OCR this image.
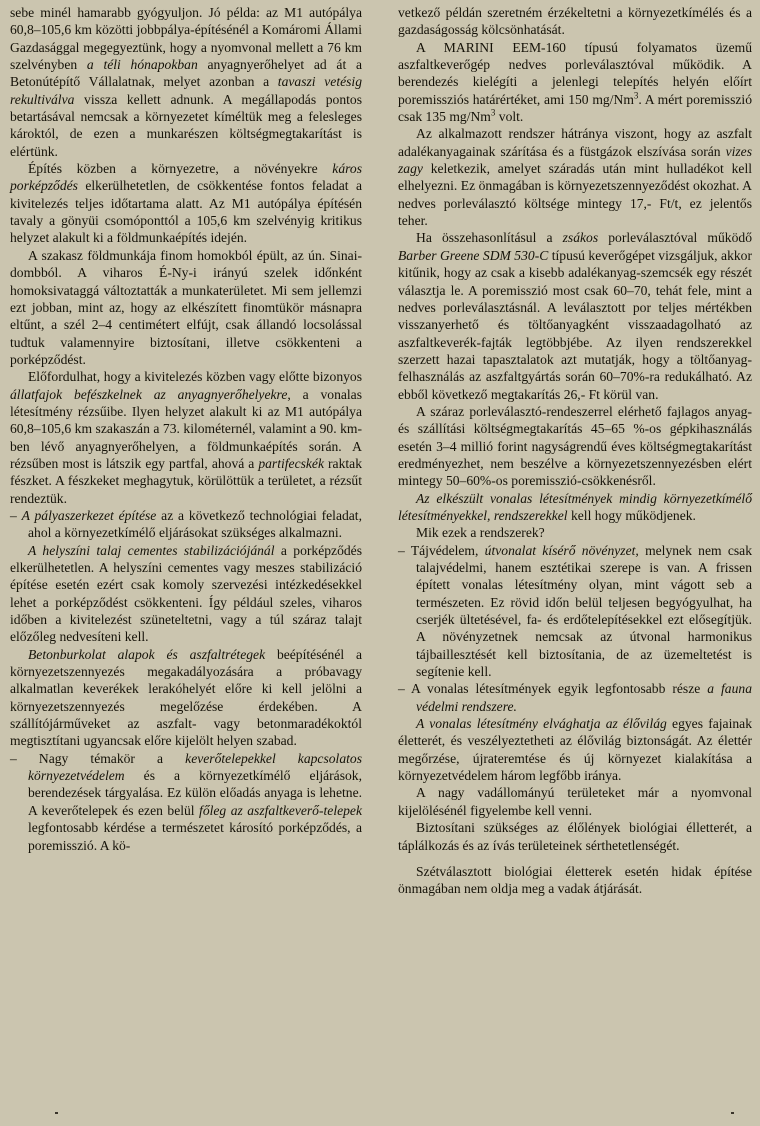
sebe minél hamarabb gyógyuljon. Jó példa: az M1 autópálya 60,8–105,6 km közötti jobbpálya-építésénél a Komáromi Állami Gazdasággal megegyeztünk, hogy a nyomvonal mellett a 76 km szelvényben a téli hónapokban anyagnyerőhelyet ad át a Betonútépítő Vállalatnak, melyet azonban a tavaszi vetésig rekultiválva vissza kellett adnunk. A megállapodás pontos betartásával nemcsak a környezetet kíméltük meg a felesleges károktól, de ezen a munkarészen költségmegtakarítást is elértünk.

Építés közben a környezetre, a növényekre káros porképződés elkerülhetetlen, de csökkentése fontos feladat a kivitelezés teljes időtartama alatt. Az M1 autópálya építésén tavaly a gönyüi csomóponttól a 105,6 km szelvényig kritikus helyzet alakult ki a földmunkaépítés idején.

A szakasz földmunkája finom homokból épült, az ún. Sinai-dombból. A viharos É-Ny-i irányú szelek időnként homoksivataggá változtatták a munkaterületet. Mi sem jellemzi ezt jobban, mint az, hogy az elkészített finomtükör másnapra eltűnt, a szél 2–4 centimétert elfújt, csak állandó locsolással tudtuk valamennyire biztosítani, illetve csökkenteni a porképződést.

Előfordulhat, hogy a kivitelezés közben vagy előtte bizonyos állatfajok befészkelnek az anyagnyerőhelyekre, a vonalas létesítmény rézsűibe. Ilyen helyzet alakult ki az M1 autópálya 60,8–105,6 km szakaszán a 73. kilométernél, valamint a 90. km-ben lévő anyagnyerőhelyen, a földmunkaépítés során. A rézsűben most is látszik egy partfal, ahová a partifecskék raktak fészket. A fészkeket meghagytuk, körülöttük a területet, a rézsűt rendeztük.

– A pályaszerkezet építése az a következő technológiai feladat, ahol a környezetkímélő eljárásokat szükséges alkalmazni.

A helyszíni talaj cementes stabilizációjánál a porképződés elkerülhetetlen. A helyszíni cementes vagy meszes stabilizáció építése esetén ezért csak komoly szervezési intézkedésekkel lehet a porképződést csökkenteni. Így például szeles, viharos időben a kivitelezést szüneteltetni, vagy a túl száraz talajt előzőleg nedvesíteni kell.

Betonburkolat alapok és aszfaltrétegek beépítésénél a környezetszennyezés megakadályozására a próbavagy alkalmatlan keverékek lerakóhelyét előre ki kell jelölni a környezetszennyezés megelőzése érdekében. A szállítójárműveket az aszfalt- vagy betonmaradékoktól megtisztítani ugyancsak előre kijelölt helyen szabad.

– Nagy témakör a keverőtelepekkel kapcsolatos környezetvédelem és a környezetkímélő eljárások, berendezések tárgyalása. Ez külön előadás anyaga is lehetne. A keverőtelepek és ezen belül főleg az aszfaltkeverő-telepek legfontosabb kérdése a természetet károsító porképződés, a poremisszió. A kö-

vetkező példán szeretném érzékeltetni a környezetkímélés és a gazdaságosság kölcsönhatását.

A MARINI EEM-160 típusú folyamatos üzemű aszfaltkeverőgép nedves porleválasztóval működik. A berendezés kielégíti a jelenlegi telepítés helyén előírt poremissziós határértéket, ami 150 mg/Nm$^3$. A mért poremisszió csak 135 mg/Nm$^3$ volt.

Az alkalmazott rendszer hátránya viszont, hogy az aszfalt adalékanyagainak szárítása és a füstgázok elszívása során vizes zagy keletkezik, amelyet száradás után mint hulladékot kell elhelyezni. Ez önmagában is környezetszennyeződést okozhat. A nedves porleválasztó költsége mintegy 17,- Ft/t, ez jelentős teher.

Ha összehasonlításul a zsákos porleválasztóval működő Barber Greene SDM 530-C típusú keverőgépet vizsgáljuk, akkor kitűnik, hogy az csak a kisebb adalékanyag-szemcsék egy részét választja le. A poremisszió most csak 60–70, tehát fele, mint a nedves porleválasztásnál. A leválasztott por teljes mértékben visszanyerhető és töltőanyagként visszaadagolható az aszfaltkeverék-fajták legtöbbjébe. Az ilyen rendszerekkel szerzett hazai tapasztalatok azt mutatják, hogy a töltőanyag-felhasználás az aszfaltgyártás során 60–70%-ra redukálható. Az ebből következő megtakarítás 26,- Ft körül van.

A száraz porleválasztó-rendeszerrel elérhető fajlagos anyag- és szállítási költségmegtakarítás 45–65 %-os gépkihasználás esetén 3–4 millió forint nagyságrendű éves költségmegtakarítást eredményezhet, nem beszélve a környezetszennyezésben elért mintegy 50–60%-os poremisszió-csökkenésről.

Az elkészült vonalas létesítmények mindig környezetkímélő létesítményekkel, rendszerekkel kell hogy működjenek.

Mik ezek a rendszerek?

– Tájvédelem, útvonalat kísérő növényzet, melynek nem csak talajvédelmi, hanem esztétikai szerepe is van. A frissen épített vonalas létesítmény olyan, mint vágott seb a természeten. Ez rövid időn belül teljesen begyógyulhat, ha cserjék ültetésével, fa- és erdőtelepítésekkel ezt elősegítjük. A növényzetnek nemcsak az útvonal harmonikus tájbaillesztését kell biztosítania, de az üzemeltetést is segítenie kell.

– A vonalas létesítmények egyik legfontosabb része a fauna védelmi rendszere.

A vonalas létesítmény elvághatja az élővilág egyes fajainak életterét, és veszélyeztetheti az élővilág biztonságát. Az élettér megőrzése, újrateremtése és új környezet kialakítása a környezetvédelem három legfőbb iránya.

A nagy vadállományú területeket már a nyomvonal kijelölésénél figyelembe kell venni.

Biztosítani szükséges az élőlények biológiai élletterét, a táplálkozás és az ívás területeinek sérthetetlenségét.

Szétválasztott biológiai életterek esetén hidak építése önmagában nem oldja meg a vadak átjárását.
